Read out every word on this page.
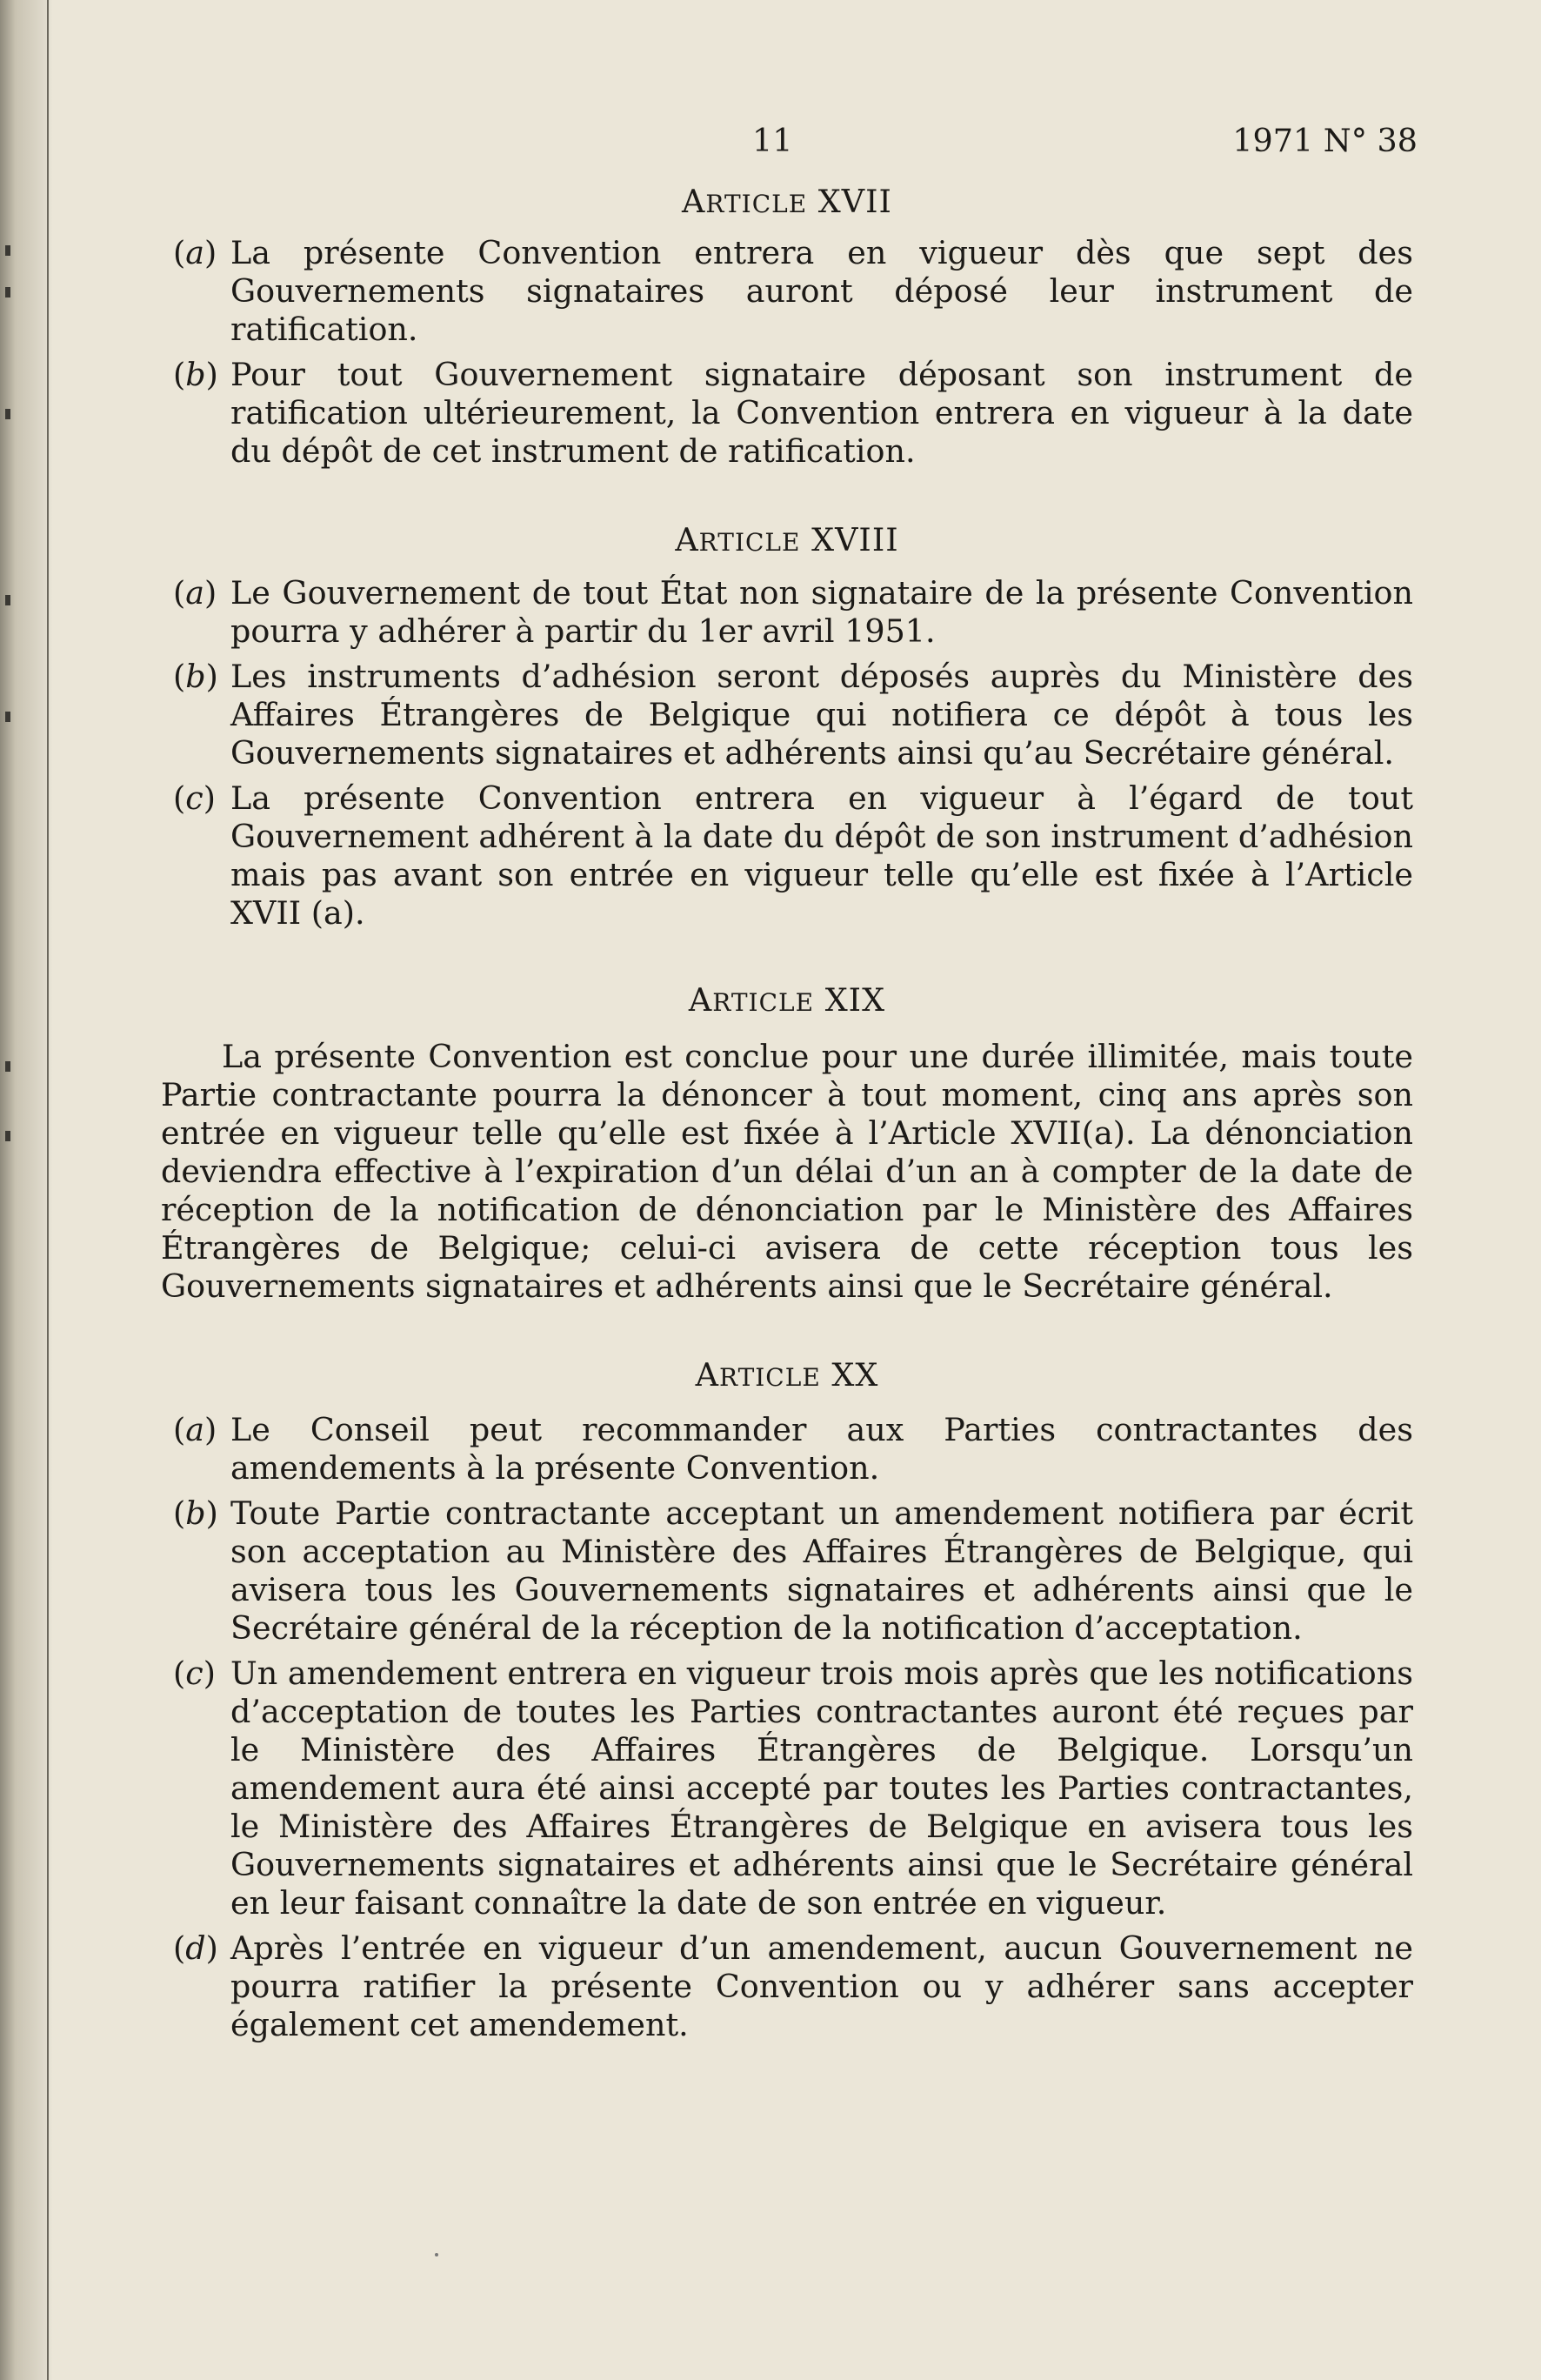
11	1971 N° 38
ARTICLE XVII
(a) La présente Convention entrera en vigueur dès que sept des Gouvernements signataires auront déposé leur instrument de ratification.
(b) Pour tout Gouvernement signataire déposant son instrument de ratification ultérieurement, la Convention entrera en vigueur à la date du dépôt de cet instrument de ratification.
ARTICLE XVIII
(a) Le Gouvernement de tout État non signataire de la présente Convention pourra y adhérer à partir du 1er avril 1951.
(b) Les instruments d’adhésion seront déposés auprès du Ministère des Affaires Étrangères de Belgique qui notifiera ce dépôt à tous les Gouvernements signataires et adhérents ainsi qu’au Secrétaire général.
(c) La présente Convention entrera en vigueur à l’égard de tout Gouvernement adhérent à la date du dépôt de son instrument d’adhésion mais pas avant son entrée en vigueur telle qu’elle est fixée à l’Article XVII (a).
ARTICLE XIX

La présente Convention est conclue pour une durée illimitée, mais toute Partie contractante pourra la dénoncer à tout moment, cinq ans après son entrée en vigueur telle qu’elle est fixée à l’Article XVII(a). La dénonciation deviendra effective à l’expiration d’un délai d’un an à compter de la date de réception de la notification de dénonciation par le Ministère des Affaires Étrangères de Belgique; celui-ci avisera de cette réception tous les Gouvernements signataires et adhérents ainsi que le Secrétaire général.

ARTICLE XX
(a) Le Conseil peut recommander aux Parties contractantes des amendements à la présente Convention.
(b) Toute Partie contractante acceptant un amendement notifiera par écrit son acceptation au Ministère des Affaires Étrangères de Belgique, qui avisera tous les Gouvernements signataires et adhérents ainsi que le Secrétaire général de la réception de la notification d’acceptation.
(c) Un amendement entrera en vigueur trois mois après que les notifications d’acceptation de toutes les Parties contractantes auront été reçues par le Ministère des Affaires Étrangères de Belgique. Lorsqu’un amendement aura été ainsi accepté par toutes les Parties contractantes, le Ministère des Affaires Étrangères de Belgique en avisera tous les Gouvernements signataires et adhérents ainsi que le Secrétaire général en leur faisant connaître la date de son entrée en vigueur.
(d) Après l’entrée en vigueur d’un amendement, aucun Gouvernement ne pourra ratifier la présente Convention ou y adhérer sans accepter également cet amendement.
